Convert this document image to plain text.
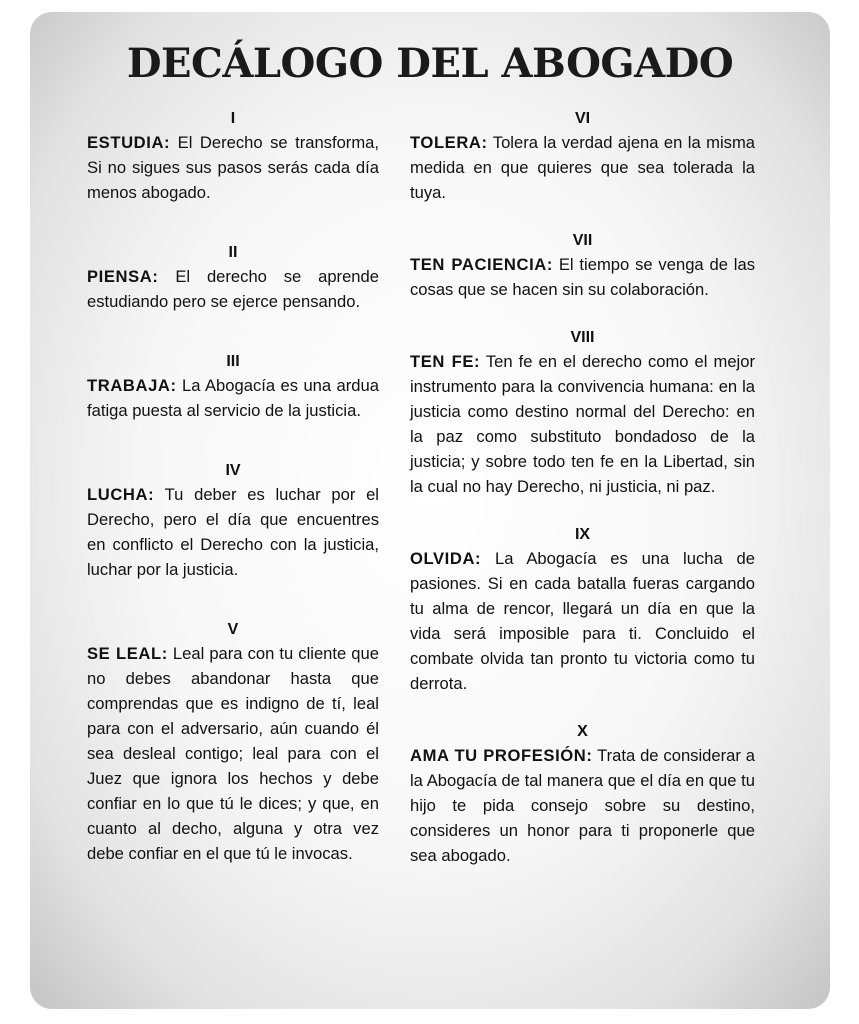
DECÁLOGO DEL ABOGADO

I

ESTUDIA: El Derecho se transforma, Si no sigues sus pasos serás cada día menos abogado.

II

PIENSA: El derecho se aprende estudiando pero se ejerce pensando.

III

TRABAJA: La Abogacía es una ardua fatiga puesta al servicio de la justicia.

IV

LUCHA: Tu deber es luchar por el Derecho, pero el día que encuentres en conflicto el Derecho con la justicia, luchar por la justicia.

V

SE LEAL: Leal para con tu cliente que no debes abandonar hasta que comprendas que es indigno de tí, leal para con el adversario, aún cuando él sea desleal contigo; leal para con el Juez que ignora los hechos y debe confiar en lo que tú le dices; y que, en cuanto al decho, alguna y otra vez debe confiar en el que tú le invocas.

VI

TOLERA: Tolera la verdad ajena en la misma medida en que quieres que sea tolerada la tuya.

VII

TEN PACIENCIA: El tiempo se venga de las cosas que se hacen sin su colaboración.

VIII

TEN FE: Ten fe en el derecho como el mejor instrumento para la convivencia humana: en la justicia como destino normal del Derecho: en la paz como substituto bondadoso de la justicia; y sobre todo ten fe en la Libertad, sin la cual no hay Derecho, ni justicia, ni paz.

IX

OLVIDA: La Abogacía es una lucha de pasiones. Si en cada batalla fueras cargando tu alma de rencor, llegará un día en que la vida será imposible para ti. Concluido el combate olvida tan pronto tu victoria como tu derrota.

X

AMA TU PROFESIÓN: Trata de considerar a la Abogacía de tal manera que el día en que tu hijo te pida consejo sobre su destino, consideres un honor para ti proponerle que sea abogado.
